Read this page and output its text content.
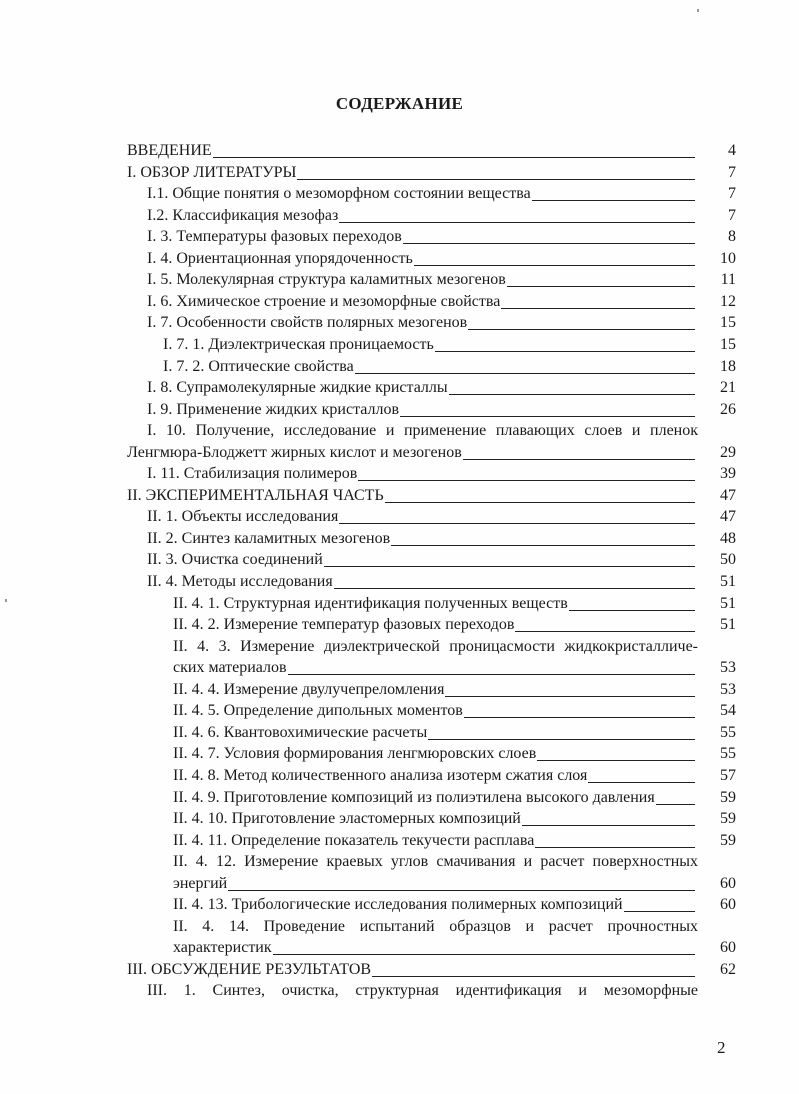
СОДЕРЖАНИЕ
ВВЕДЕНИЕ	4
I. ОБЗОР ЛИТЕРАТУРЫ	7
I.1. Общие понятия о мезоморфном состоянии вещества	7
I.2. Классификация мезофаз	7
I. 3. Температуры фазовых переходов	8
I. 4. Ориентационная упорядоченность	10
I. 5. Молекулярная структура каламитных мезогенов	11
I. 6. Химическое строение и мезоморфные свойства	12
I. 7. Особенности свойств полярных мезогенов	15
I. 7. 1. Диэлектрическая проницаемость	15
I. 7. 2. Оптические свойства	18
I. 8. Супрамолекулярные жидкие кристаллы	21
I. 9. Применение жидких кристаллов	26
I. 10. Получение, исследование и применение плавающих слоев и пленок
Ленгмюра-Блоджетт жирных кислот и мезогенов	29
I. 11. Стабилизация полимеров	39
II. ЭКСПЕРИМЕНТАЛЬНАЯ ЧАСТЬ	47
II. 1. Объекты исследования	47
II. 2. Синтез каламитных мезогенов	48
II. 3. Очистка соединений	50
II. 4. Методы исследования	51
II. 4. 1. Структурная идентификация полученных веществ	51
II. 4. 2. Измерение температур фазовых переходов	51
II. 4. 3. Измерение диэлектрической проницасмости жидкокристалличе-
ских материалов	53
II. 4. 4. Измерение двулучепреломления	53
II. 4. 5. Определение дипольных моментов	54
II. 4. 6. Квантовохимические расчеты	55
II. 4. 7. Условия формирования ленгмюровских слоев	55
II. 4. 8. Метод количественного анализа изотерм сжатия слоя	57
II. 4. 9. Приготовление композиций из полиэтилена высокого давления	59
II. 4. 10. Приготовление эластомерных композиций	59
II. 4. 11. Определение показатель текучести расплава	59
II. 4. 12. Измерение краевых углов смачивания и расчет поверхностных
энергий	60
II. 4. 13. Трибологические исследования полимерных композиций	60
II. 4. 14. Проведение испытаний образцов и расчет прочностных
характеристик	60
III. ОБСУЖДЕНИЕ РЕЗУЛЬТАТОВ	62
III. 1. Синтез, очистка, структурная идентификация и мезоморфные
2
